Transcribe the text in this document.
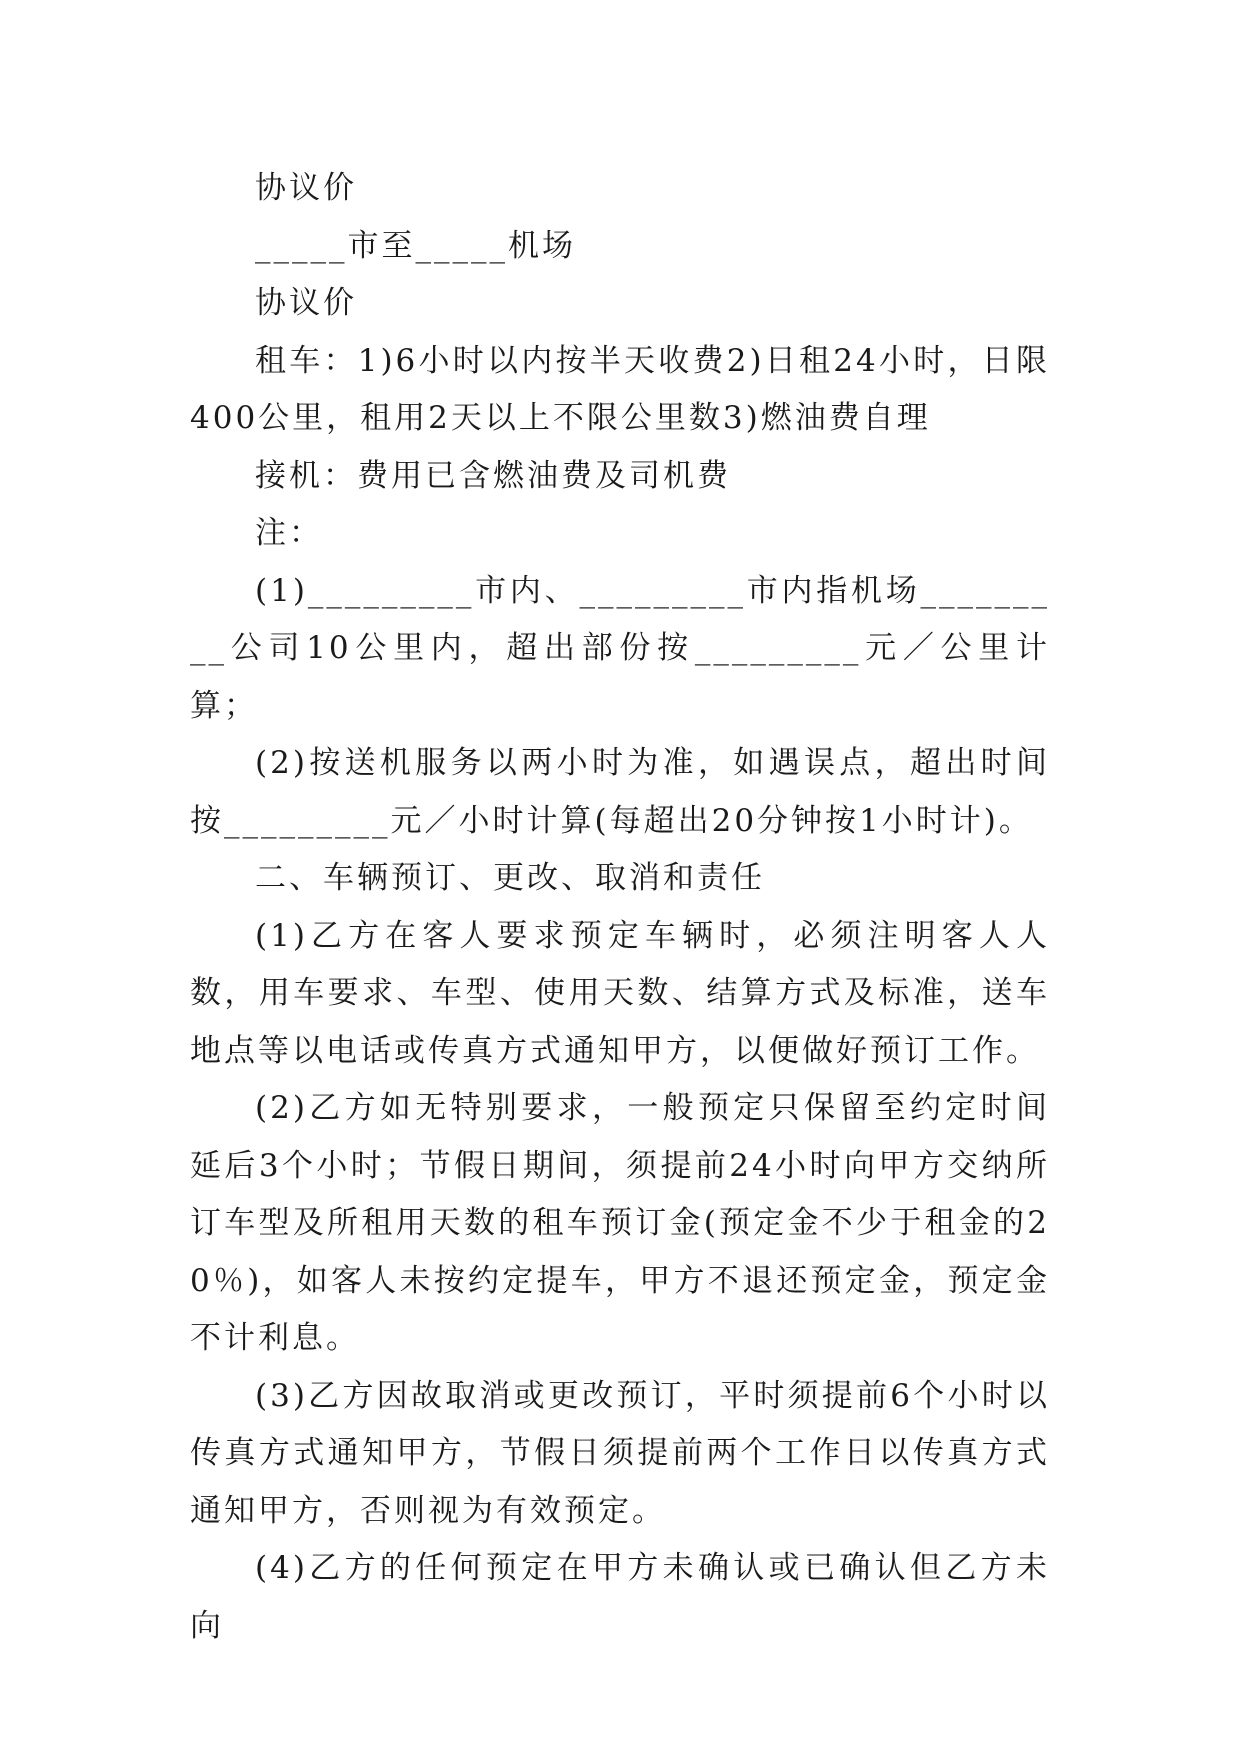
协议价

_____市至_____机场

协议价

租车：1)6小时以内按半天收费2)日租24小时，日限400公里，租用2天以上不限公里数3)燃油费自理

接机：费用已含燃油费及司机费

注：

(1)_________市内、_________市内指机场_________公司10公里内，超出部份按_________元／公里计算；

(2)按送机服务以两小时为准，如遇误点，超出时间按_________元／小时计算(每超出20分钟按1小时计)。

二、车辆预订、更改、取消和责任

(1)乙方在客人要求预定车辆时，必须注明客人人数，用车要求、车型、使用天数、结算方式及标准，送车地点等以电话或传真方式通知甲方，以便做好预订工作。

(2)乙方如无特别要求，一般预定只保留至约定时间延后3个小时；节假日期间，须提前24小时向甲方交纳所订车型及所租用天数的租车预订金(预定金不少于租金的20％)，如客人未按约定提车，甲方不退还预定金，预定金不计利息。

(3)乙方因故取消或更改预订，平时须提前6个小时以传真方式通知甲方，节假日须提前两个工作日以传真方式通知甲方，否则视为有效预定。

(4)乙方的任何预定在甲方未确认或已确认但乙方未向
